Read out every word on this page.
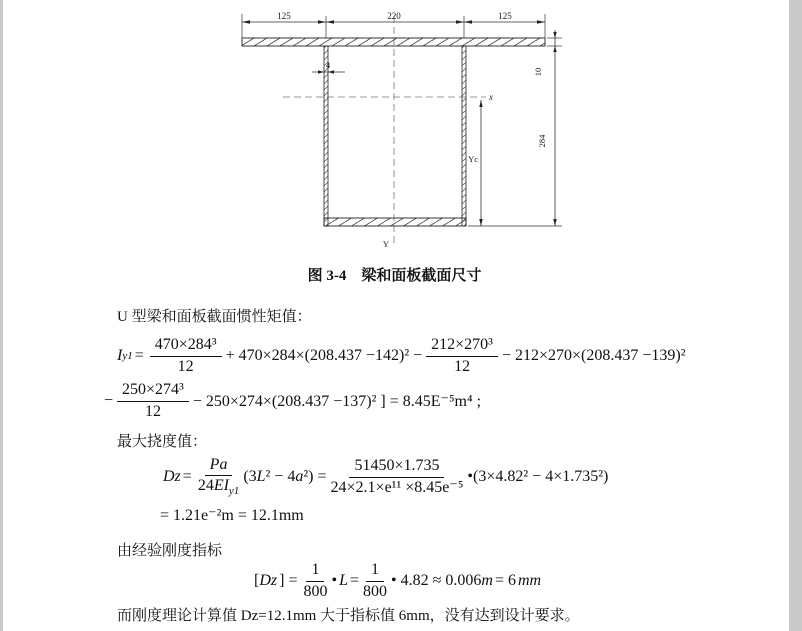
125	220	125
4
10
284
Yc
x
Y
图 3-4　梁和面板截面尺寸
U 型梁和面板截面惯性矩值：
I $y1 = \frac{\text{470×284³}}{12} + 470\times 284\times(208.437 -142)^2 - \frac{\text{212×270³}}{12} - 212\times 270\times(208.437 -139)^2$
− $\frac{\text{250×274³}}{12} - 250\times 274\times(208.437 -137)^2$ ] = 8.45E⁻⁵m⁴ ;
最大挠度值：
$Dz = \frac{Pa}{24EI_{y1}} (3$ L ² − 4 a $^2) = \frac{51450\times 1.735}{\text{24×2.1×e¹¹ ×8.45e⁻⁵}}$ •(3×4.82² − 4×1.735²)
= 1.21e⁻²m = 12.1mm
由经验刚度指标
[ Dz ] = $\frac{1}{800}$ • $L = \frac{1}{800}$ • 4.82 ≈ 0.006 m = 6 mm
而刚度理论计算值 Dz=12.1mm 大于指标值 6mm，没有达到设计要求。
